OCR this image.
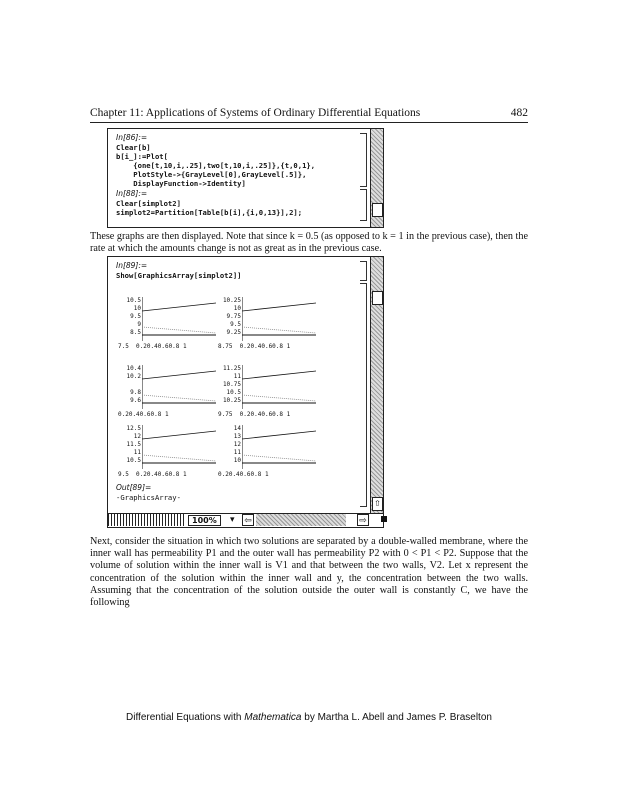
Chapter 11: Applications of Systems of Ordinary Differential Equations	482
In[86]:=
Clear[b]
b[i_]:=Plot[
{one[t,10,i,.25],two[t,10,i,.25]},{t,0,1},
PlotStyle->{GrayLevel[0],GrayLevel[.5]},
DisplayFunction->Identity]
In[88]:=
Clear[simplot2]
simplot2=Partition[Table[b[i],{i,0,13}],2];
These graphs are then displayed. Note that since k = 0.5 (as opposed to k = 1 in the previous case), then the rate at which the amounts change is not as great as in the previous case.
In[89]:=
Show[GraphicsArray[simplot2]]
10.5
10
9.5
9
8.5
7.5  0.20.40.60.8 1
10.25
10
9.75
9.5
9.25
8.75  0.20.40.60.8 1
10.4
10.2
9.8
9.6
0.20.40.60.8 1
11.25
11
10.75
10.5
10.25
9.75  0.20.40.60.8 1
12.5
12
11.5
11
10.5
9.5  0.20.40.60.8 1
14
13
12
11
10
0.20.40.60.8 1
Out[89]=
-GraphicsArray-
⇧
100%	▾ ⇦	⇨
Next, consider the situation in which two solutions are separated by a double-walled membrane, where the inner wall has permeability P1 and the outer wall has permeability P2 with 0 < P1 < P2. Suppose that the volume of solution within the inner wall is V1 and that between the two walls, V2. Let x represent the concentration of the solution within the inner wall and y, the concentration between the two walls. Assuming that the concentration of the solution outside the outer wall is constantly C, we have the following
Differential Equations with Mathematica by Martha L. Abell and James P. Braselton
